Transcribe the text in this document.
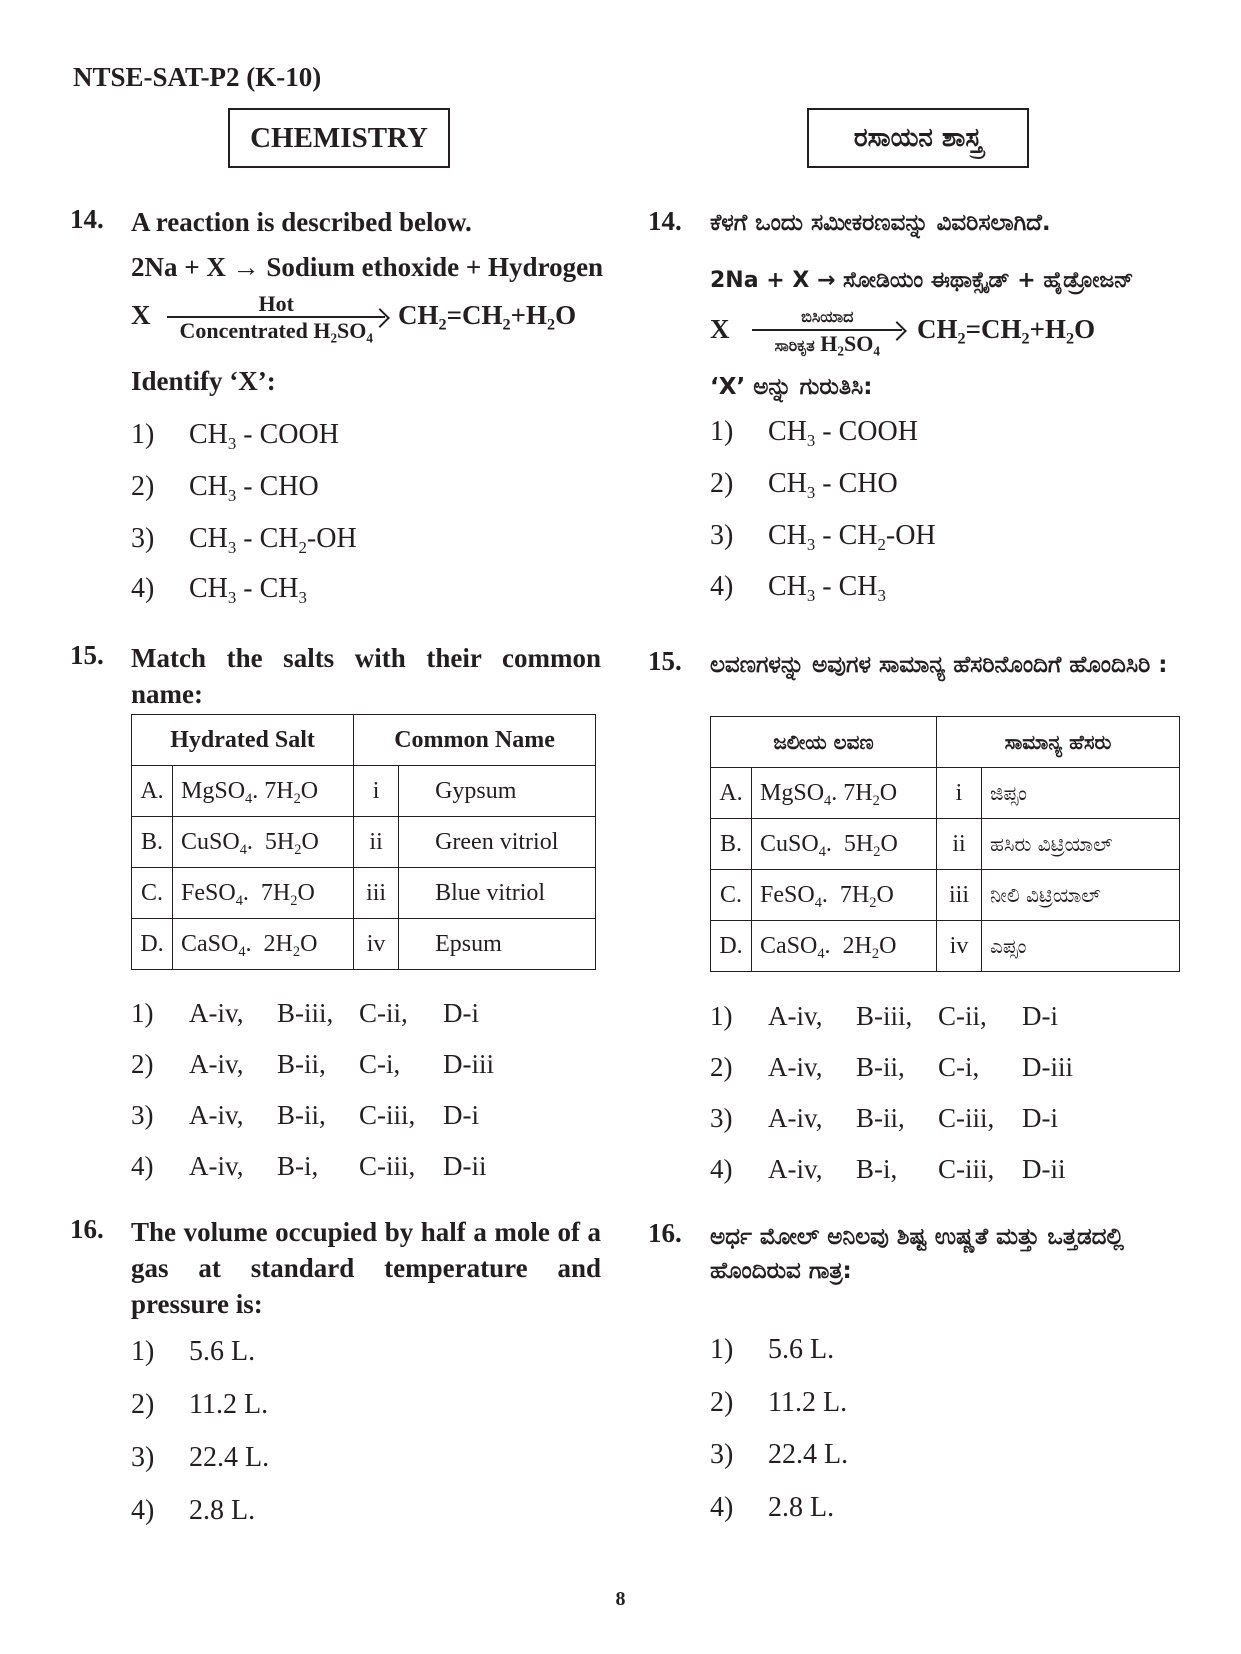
NTSE-SAT-P2 (K-10)
CHEMISTRY	ರಸಾಯನ ಶಾಸ್ತ್ರ
14. A reaction is described below.
2Na + X → Sodium ethoxide + Hydrogen
X	Hot
Concentrated $H_2SO_4$
$CH_2=CH_2+H_2O$
Identify ‘X’:
1) $CH_3$ - COOH
2) $CH_3$ - CHO
3) $CH_3 - CH_2-OH$
4) $CH_3 - CH_3$
15. Match the salts with their common name:
Hydrated Salt		Common Name	
A.	MgSO$_4$. $7H_2O$	i	Gypsum
B.	CuSO$_4$.  $5H_2O$	ii	Green vitriol
C.	FeSO$_4$.  $7H_2O$	iii	Blue vitriol
D.	CaSO$_4$.  $2H_2O$	iv	Epsum
1) A-iv, B-iii, C-ii, D-i
2) A-iv, B-ii, C-i, D-iii
3) A-iv, B-ii, C-iii, D-i
4) A-iv, B-i, C-iii, D-ii
16. The volume occupied by half a mole of a gas at standard temperature and pressure is:
1) 5.6 L.
2) 11.2 L.
3) 22.4 L.
4) 2.8 L.
14. ಕೆಳಗೆ ಒಂದು ಸಮೀಕರಣವನ್ನು ವಿವರಿಸಲಾಗಿದೆ.
2Na + X → ಸೋಡಿಯಂ ಈಥಾಕ್ಸೈಡ್ + ಹೈಡ್ರೋಜನ್
X	ಬಿಸಿಯಾದ
ಸಾರಿಕೃತ $H_2SO_4$
$CH_2=CH_2+H_2O$
‘X’ ಅನ್ನು ಗುರುತಿಸಿ:
1) $CH_3$ - COOH
2) $CH_3$ - CHO
3) $CH_3 - CH_2-OH$
4) $CH_3 - CH_3$
15. ಲವಣಗಳನ್ನು ಅವುಗಳ ಸಾಮಾನ್ಯ ಹೆಸರಿನೊಂದಿಗೆ ಹೊಂದಿಸಿರಿ :
ಜಲೀಯ ಲವಣ		ಸಾಮಾನ್ಯ ಹೆಸರು	
A.	MgSO$_4$. $7H_2O$	i	ಜಿಪ್ಸಂ
B.	CuSO$_4$.  $5H_2O$	ii	ಹಸಿರು ವಿಟ್ರಿಯಾಲ್
C.	FeSO$_4$.  $7H_2O$	iii	ನೀಲಿ ವಿಟ್ರಿಯಾಲ್
D.	CaSO$_4$.  $2H_2O$	iv	ಎಪ್ಸಂ
1) A-iv, B-iii, C-ii, D-i
2) A-iv, B-ii, C-i, D-iii
3) A-iv, B-ii, C-iii, D-i
4) A-iv, B-i, C-iii, D-ii
16. ಅರ್ಧ ಮೋಲ್ ಅನಿಲವು ಶಿಷ್ಟ ಉಷ್ಣತೆ ಮತ್ತು ಒತ್ತಡದಲ್ಲಿ ಹೊಂದಿರುವ ಗಾತ್ರ:
1) 5.6 L.
2) 11.2 L.
3) 22.4 L.
4) 2.8 L.
8
